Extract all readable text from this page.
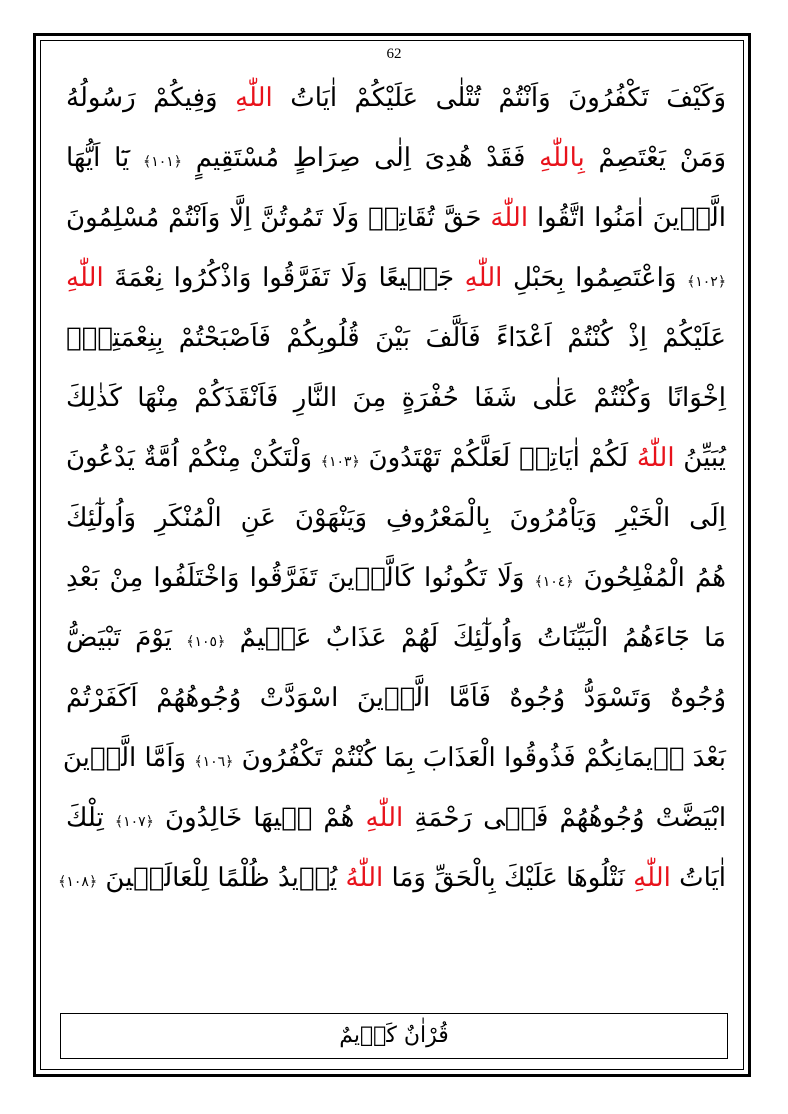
62
وَكَيْفَ تَكْفُرُونَ وَاَنْتُمْ تُتْلٰى عَلَيْكُمْ اٰيَاتُ اللّٰهِ وَفِيكُمْ رَسُولُهُ
وَمَنْ يَعْتَصِمْ بِاللّٰهِ فَقَدْ هُدِىَ اِلٰى صِرَاطٍ مُسْتَقِيمٍ ﴿١٠١﴾ يَٓا اَيُّهَا
الَّذٖينَ اٰمَنُوا اتَّقُوا اللّٰهَ حَقَّ تُقَاتِهٖ وَلَا تَمُوتُنَّ اِلَّا وَاَنْتُمْ مُسْلِمُونَ
﴿١٠٢﴾ وَاعْتَصِمُوا بِحَبْلِ اللّٰهِ جَمٖيعًا وَلَا تَفَرَّقُوا وَاذْكُرُوا نِعْمَةَ اللّٰهِ
عَلَيْكُمْ اِذْ كُنْتُمْ اَعْدَٓاءً فَاَلَّفَ بَيْنَ قُلُوبِكُمْ فَاَصْبَحْتُمْ بِنِعْمَتِهٖٓ
اِخْوَانًا وَكُنْتُمْ عَلٰى شَفَا حُفْرَةٍ مِنَ النَّارِ فَاَنْقَذَكُمْ مِنْهَا كَذٰلِكَ
يُبَيِّنُ اللّٰهُ لَكُمْ اٰيَاتِهٖ لَعَلَّكُمْ تَهْتَدُونَ ﴿١٠٣﴾ وَلْتَكُنْ مِنْكُمْ اُمَّةٌ يَدْعُونَ
اِلَى الْخَيْرِ وَيَاْمُرُونَ بِالْمَعْرُوفِ وَيَنْهَوْنَ عَنِ الْمُنْكَرِ وَاُولٰٓئِكَ
هُمُ الْمُفْلِحُونَ ﴿١٠٤﴾ وَلَا تَكُونُوا كَالَّذٖينَ تَفَرَّقُوا وَاخْتَلَفُوا مِنْ بَعْدِ
مَا جَٓاءَهُمُ الْبَيِّنَاتُ وَاُولٰٓئِكَ لَهُمْ عَذَابٌ عَظٖيمٌ ﴿١٠٥﴾ يَوْمَ تَبْيَضُّ
وُجُوهٌ وَتَسْوَدُّ وُجُوهٌ فَاَمَّا الَّذٖينَ اسْوَدَّتْ وُجُوهُهُمْ اَكَفَرْتُمْ
بَعْدَ اٖيمَانِكُمْ فَذُوقُوا الْعَذَابَ بِمَا كُنْتُمْ تَكْفُرُونَ ﴿١٠٦﴾ وَاَمَّا الَّذٖينَ
ابْيَضَّتْ وُجُوهُهُمْ فَفٖى رَحْمَةِ اللّٰهِ هُمْ فٖيهَا خَالِدُونَ ﴿١٠٧﴾ تِلْكَ
اٰيَاتُ اللّٰهِ نَتْلُوهَا عَلَيْكَ بِالْحَقِّ وَمَا اللّٰهُ يُرٖيدُ ظُلْمًا لِلْعَالَمٖينَ ﴿١٠٨﴾
قُرْاٰنٌ كَرٖيمٌ
